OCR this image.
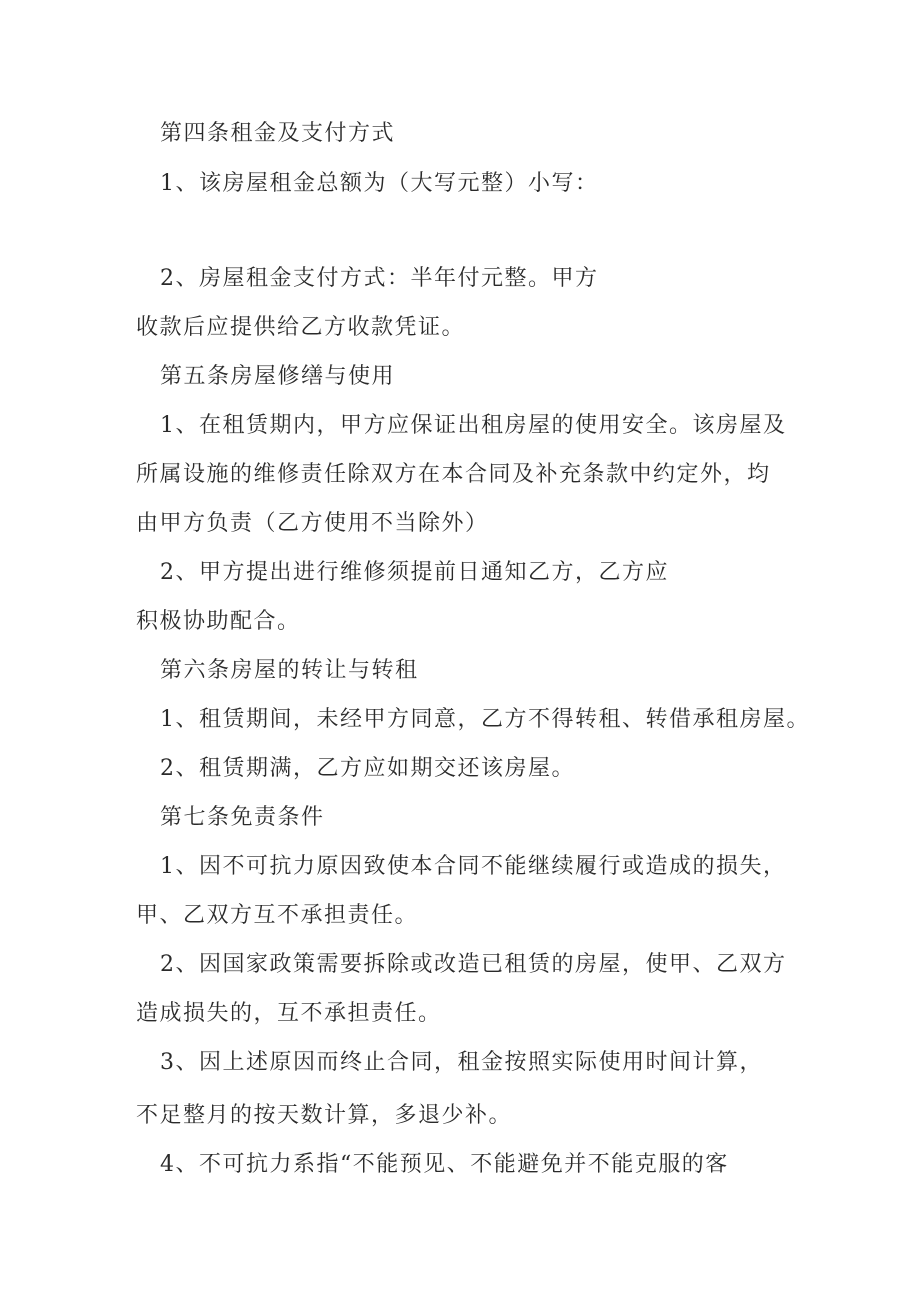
第四条租金及支付方式
1、该房屋租金总额为（大写元整）小写：
2、房屋租金支付方式：半年付元整。甲方
收款后应提供给乙方收款凭证。
第五条房屋修缮与使用
1、在租赁期内，甲方应保证出租房屋的使用安全。该房屋及
所属设施的维修责任除双方在本合同及补充条款中约定外，均
由甲方负责（乙方使用不当除外）
2、甲方提出进行维修须提前日通知乙方，乙方应
积极协助配合。
第六条房屋的转让与转租
1、租赁期间，未经甲方同意，乙方不得转租、转借承租房屋。
2、租赁期满，乙方应如期交还该房屋。
第七条免责条件
1、因不可抗力原因致使本合同不能继续履行或造成的损失，
甲、乙双方互不承担责任。
2、因国家政策需要拆除或改造已租赁的房屋，使甲、乙双方
造成损失的，互不承担责任。
3、因上述原因而终止合同，租金按照实际使用时间计算，
不足整月的按天数计算，多退少补。
4、不可抗力系指“不能预见、不能避免并不能克服的客
